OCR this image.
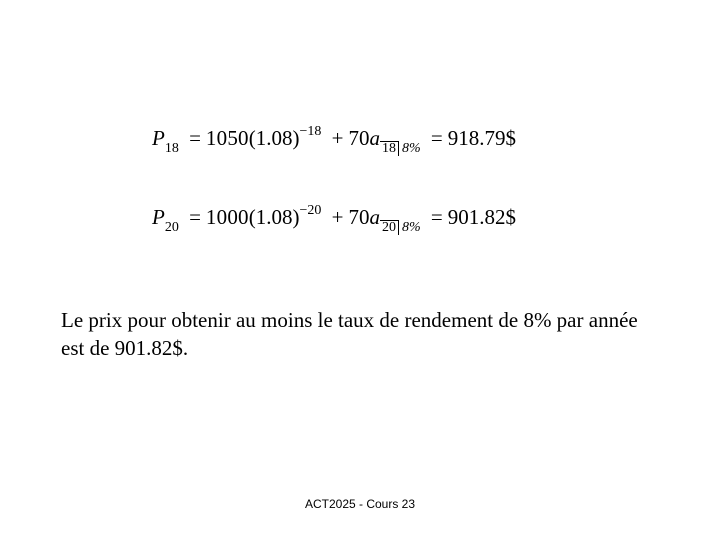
$P_{18} = 1050(1.08)^{-18} + 70a$ 18 8% = 918.79$
$P_{20} = 1000(1.08)^{-20} + 70a$ 20 8% = 901.82$

Le prix pour obtenir au moins le taux de rendement de 8% par année est de 901.82$.

ACT2025 - Cours 23
